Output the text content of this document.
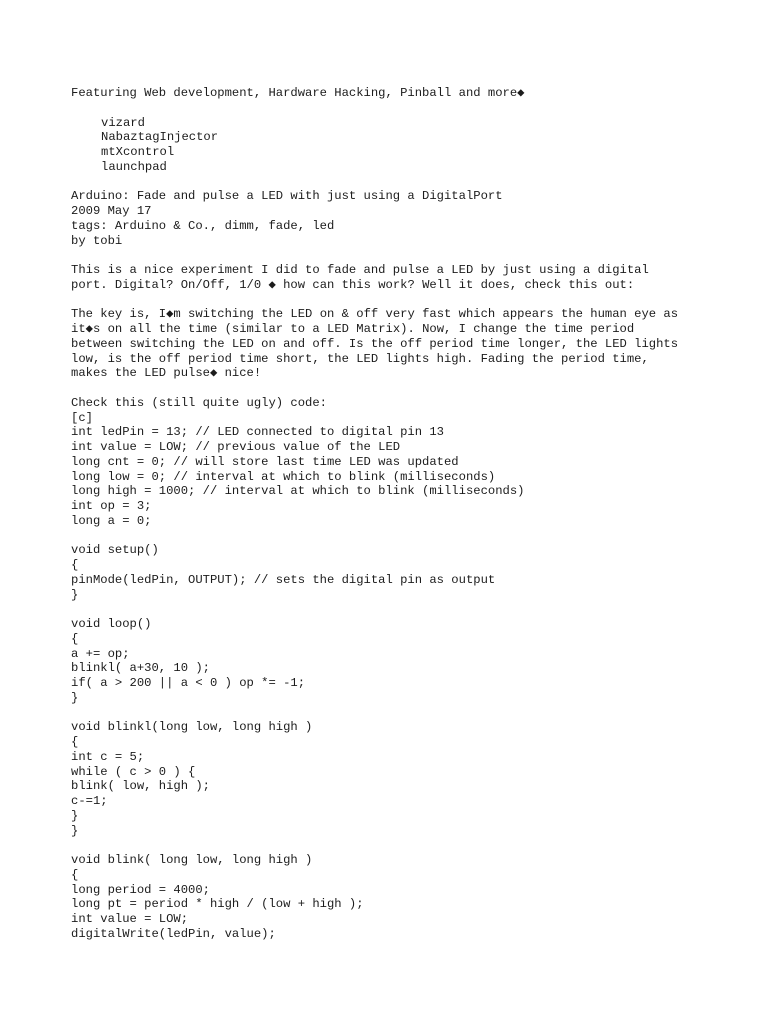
Featuring Web development, Hardware Hacking, Pinball and more◆
vizard
NabaztagInjector
mtXcontrol
launchpad
Arduino: Fade and pulse a LED with just using a DigitalPort
2009 May 17
tags: Arduino & Co., dimm, fade, led
by tobi
This is a nice experiment I did to fade and pulse a LED by just using a digital
port. Digital? On/Off, 1/0 ◆ how can this work? Well it does, check this out:
The key is, I◆m switching the LED on & off very fast which appears the human eye as
it◆s on all the time (similar to a LED Matrix). Now, I change the time period
between switching the LED on and off. Is the off period time longer, the LED lights
low, is the off period time short, the LED lights high. Fading the period time,
makes the LED pulse◆ nice!
Check this (still quite ugly) code:
[c]
int ledPin = 13; // LED connected to digital pin 13
int value = LOW; // previous value of the LED
long cnt = 0; // will store last time LED was updated
long low = 0; // interval at which to blink (milliseconds)
long high = 1000; // interval at which to blink (milliseconds)
int op = 3;
long a = 0;
void setup()
{
pinMode(ledPin, OUTPUT); // sets the digital pin as output
}
void loop()
{
a += op;
blinkl( a+30, 10 );
if( a > 200 || a < 0 ) op *= -1;
}
void blinkl(long low, long high )
{
int c = 5;
while ( c > 0 ) {
blink( low, high );
c-=1;
}
}
void blink( long low, long high )
{
long period = 4000;
long pt = period * high / (low + high );
int value = LOW;
digitalWrite(ledPin, value);
